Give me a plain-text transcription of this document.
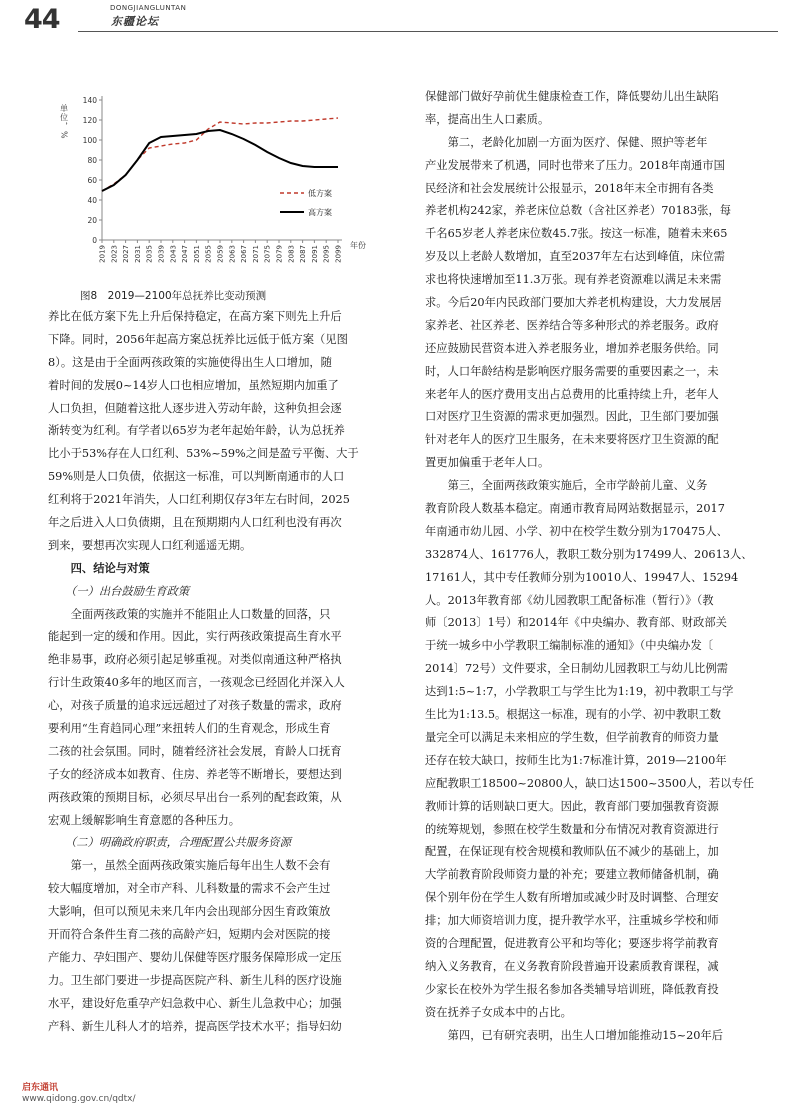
44	DONGJIANGLUNTAN
东疆论坛
0
20
40
60
80
100
120
140
2019 2023 2027 2031 2035 2039 2043 2047 2051 2055 2059 2063 2067 2071 2075 2079 2083 2087 2091 2095 2099
单位，%
年份
低方案
高方案
图8　2019—2100年总抚养比变动预测
养比在低方案下先上升后保持稳定，在高方案下则先上升后
下降。同时，2056年起高方案总抚养比远低于低方案（见图
8）。这是由于全面两孩政策的实施使得出生人口增加，随
着时间的发展0~14岁人口也相应增加，虽然短期内加重了
人口负担，但随着这批人逐步进入劳动年龄，这种负担会逐
渐转变为红利。有学者以65岁为老年起始年龄，认为总抚养
比小于53%存在人口红利、53%~59%之间是盈亏平衡、大于
59%则是人口负债，依据这一标准，可以判断南通市的人口
红利将于2021年消失，人口红利期仅存3年左右时间，2025
年之后进入人口负债期，且在预期期内人口红利也没有再次
到来，要想再次实现人口红利遥遥无期。
　　四、结论与对策
　　（一）出台鼓励生育政策
　　全面两孩政策的实施并不能阻止人口数量的回落，只
能起到一定的缓和作用。因此，实行两孩政策提高生育水平
绝非易事，政府必须引起足够重视。对类似南通这种严格执
行计生政策40多年的地区而言，一孩观念已经固化并深入人
心，对孩子质量的追求远远超过了对孩子数量的需求，政府
要利用“生育趋同心理”来扭转人们的生育观念，形成生育
二孩的社会氛围。同时，随着经济社会发展，育龄人口抚育
子女的经济成本如教育、住房、养老等不断增长，要想达到
两孩政策的预期目标，必须尽早出台一系列的配套政策，从
宏观上缓解影响生育意愿的各种压力。
　　（二）明确政府职责，合理配置公共服务资源
　　第一，虽然全面两孩政策实施后每年出生人数不会有
较大幅度增加，对全市产科、儿科数量的需求不会产生过
大影响，但可以预见未来几年内会出现部分因生育政策放
开而符合条件生育二孩的高龄产妇，短期内会对医院的接
产能力、孕妇围产、婴幼儿保健等医疗服务保障形成一定压
力。卫生部门要进一步提高医院产科、新生儿科的医疗设施
水平，建设好危重孕产妇急救中心、新生儿急救中心；加强
产科、新生儿科人才的培养，提高医学技术水平；指导妇幼
保健部门做好孕前优生健康检查工作，降低婴幼儿出生缺陷
率，提高出生人口素质。
　　第二，老龄化加剧一方面为医疗、保健、照护等老年
产业发展带来了机遇，同时也带来了压力。2018年南通市国
民经济和社会发展统计公报显示，2018年末全市拥有各类
养老机构242家，养老床位总数（含社区养老）70183张，每
千名65岁老人养老床位数45.7张。按这一标准，随着未来65
岁及以上老龄人数增加，直至2037年左右达到峰值，床位需
求也将快速增加至11.3万张。现有养老资源难以满足未来需
求。今后20年内民政部门要加大养老机构建设，大力发展居
家养老、社区养老、医养结合等多种形式的养老服务。政府
还应鼓励民营资本进入养老服务业，增加养老服务供给。同
时，人口年龄结构是影响医疗服务需要的重要因素之一，未
来老年人的医疗费用支出占总费用的比重持续上升，老年人
口对医疗卫生资源的需求更加强烈。因此，卫生部门要加强
针对老年人的医疗卫生服务，在未来要将医疗卫生资源的配
置更加偏重于老年人口。
　　第三，全面两孩政策实施后，全市学龄前儿童、义务
教育阶段人数基本稳定。南通市教育局网站数据显示，2017
年南通市幼儿园、小学、初中在校学生数分别为170475人、
332874人、161776人，教职工数分别为17499人、20613人、
17161人，其中专任教师分别为10010人、19947人、15294
人。2013年教育部《幼儿园教职工配备标准（暂行）》（教
师〔2013〕1号）和2014年《中央编办、教育部、财政部关
于统一城乡中小学教职工编制标准的通知》（中央编办发〔
2014〕72号）文件要求，全日制幼儿园教职工与幼儿比例需
达到1:5~1:7，小学教职工与学生比为1:19，初中教职工与学
生比为1:13.5。根据这一标准，现有的小学、初中教职工数
量完全可以满足未来相应的学生数，但学前教育的师资力量
还存在较大缺口，按师生比为1:7标准计算，2019—2100年
应配教职工18500~20800人，缺口达1500~3500人，若以专任
教师计算的话则缺口更大。因此，教育部门要加强教育资源
的统筹规划，参照在校学生数量和分布情况对教育资源进行
配置，在保证现有校舍规模和教师队伍不减少的基础上，加
大学前教育阶段师资力量的补充；要建立教师储备机制，确
保个别年份在学生人数有所增加或减少时及时调整、合理安
排；加大师资培训力度，提升教学水平，注重城乡学校和师
资的合理配置，促进教育公平和均等化；要逐步将学前教育
纳入义务教育，在义务教育阶段普遍开设素质教育课程，减
少家长在校外为学生报名参加各类辅导培训班，降低教育投
资在抚养子女成本中的占比。
　　第四，已有研究表明，出生人口增加能推动15~20年后
启东通讯
www.qidong.gov.cn/qdtx/
